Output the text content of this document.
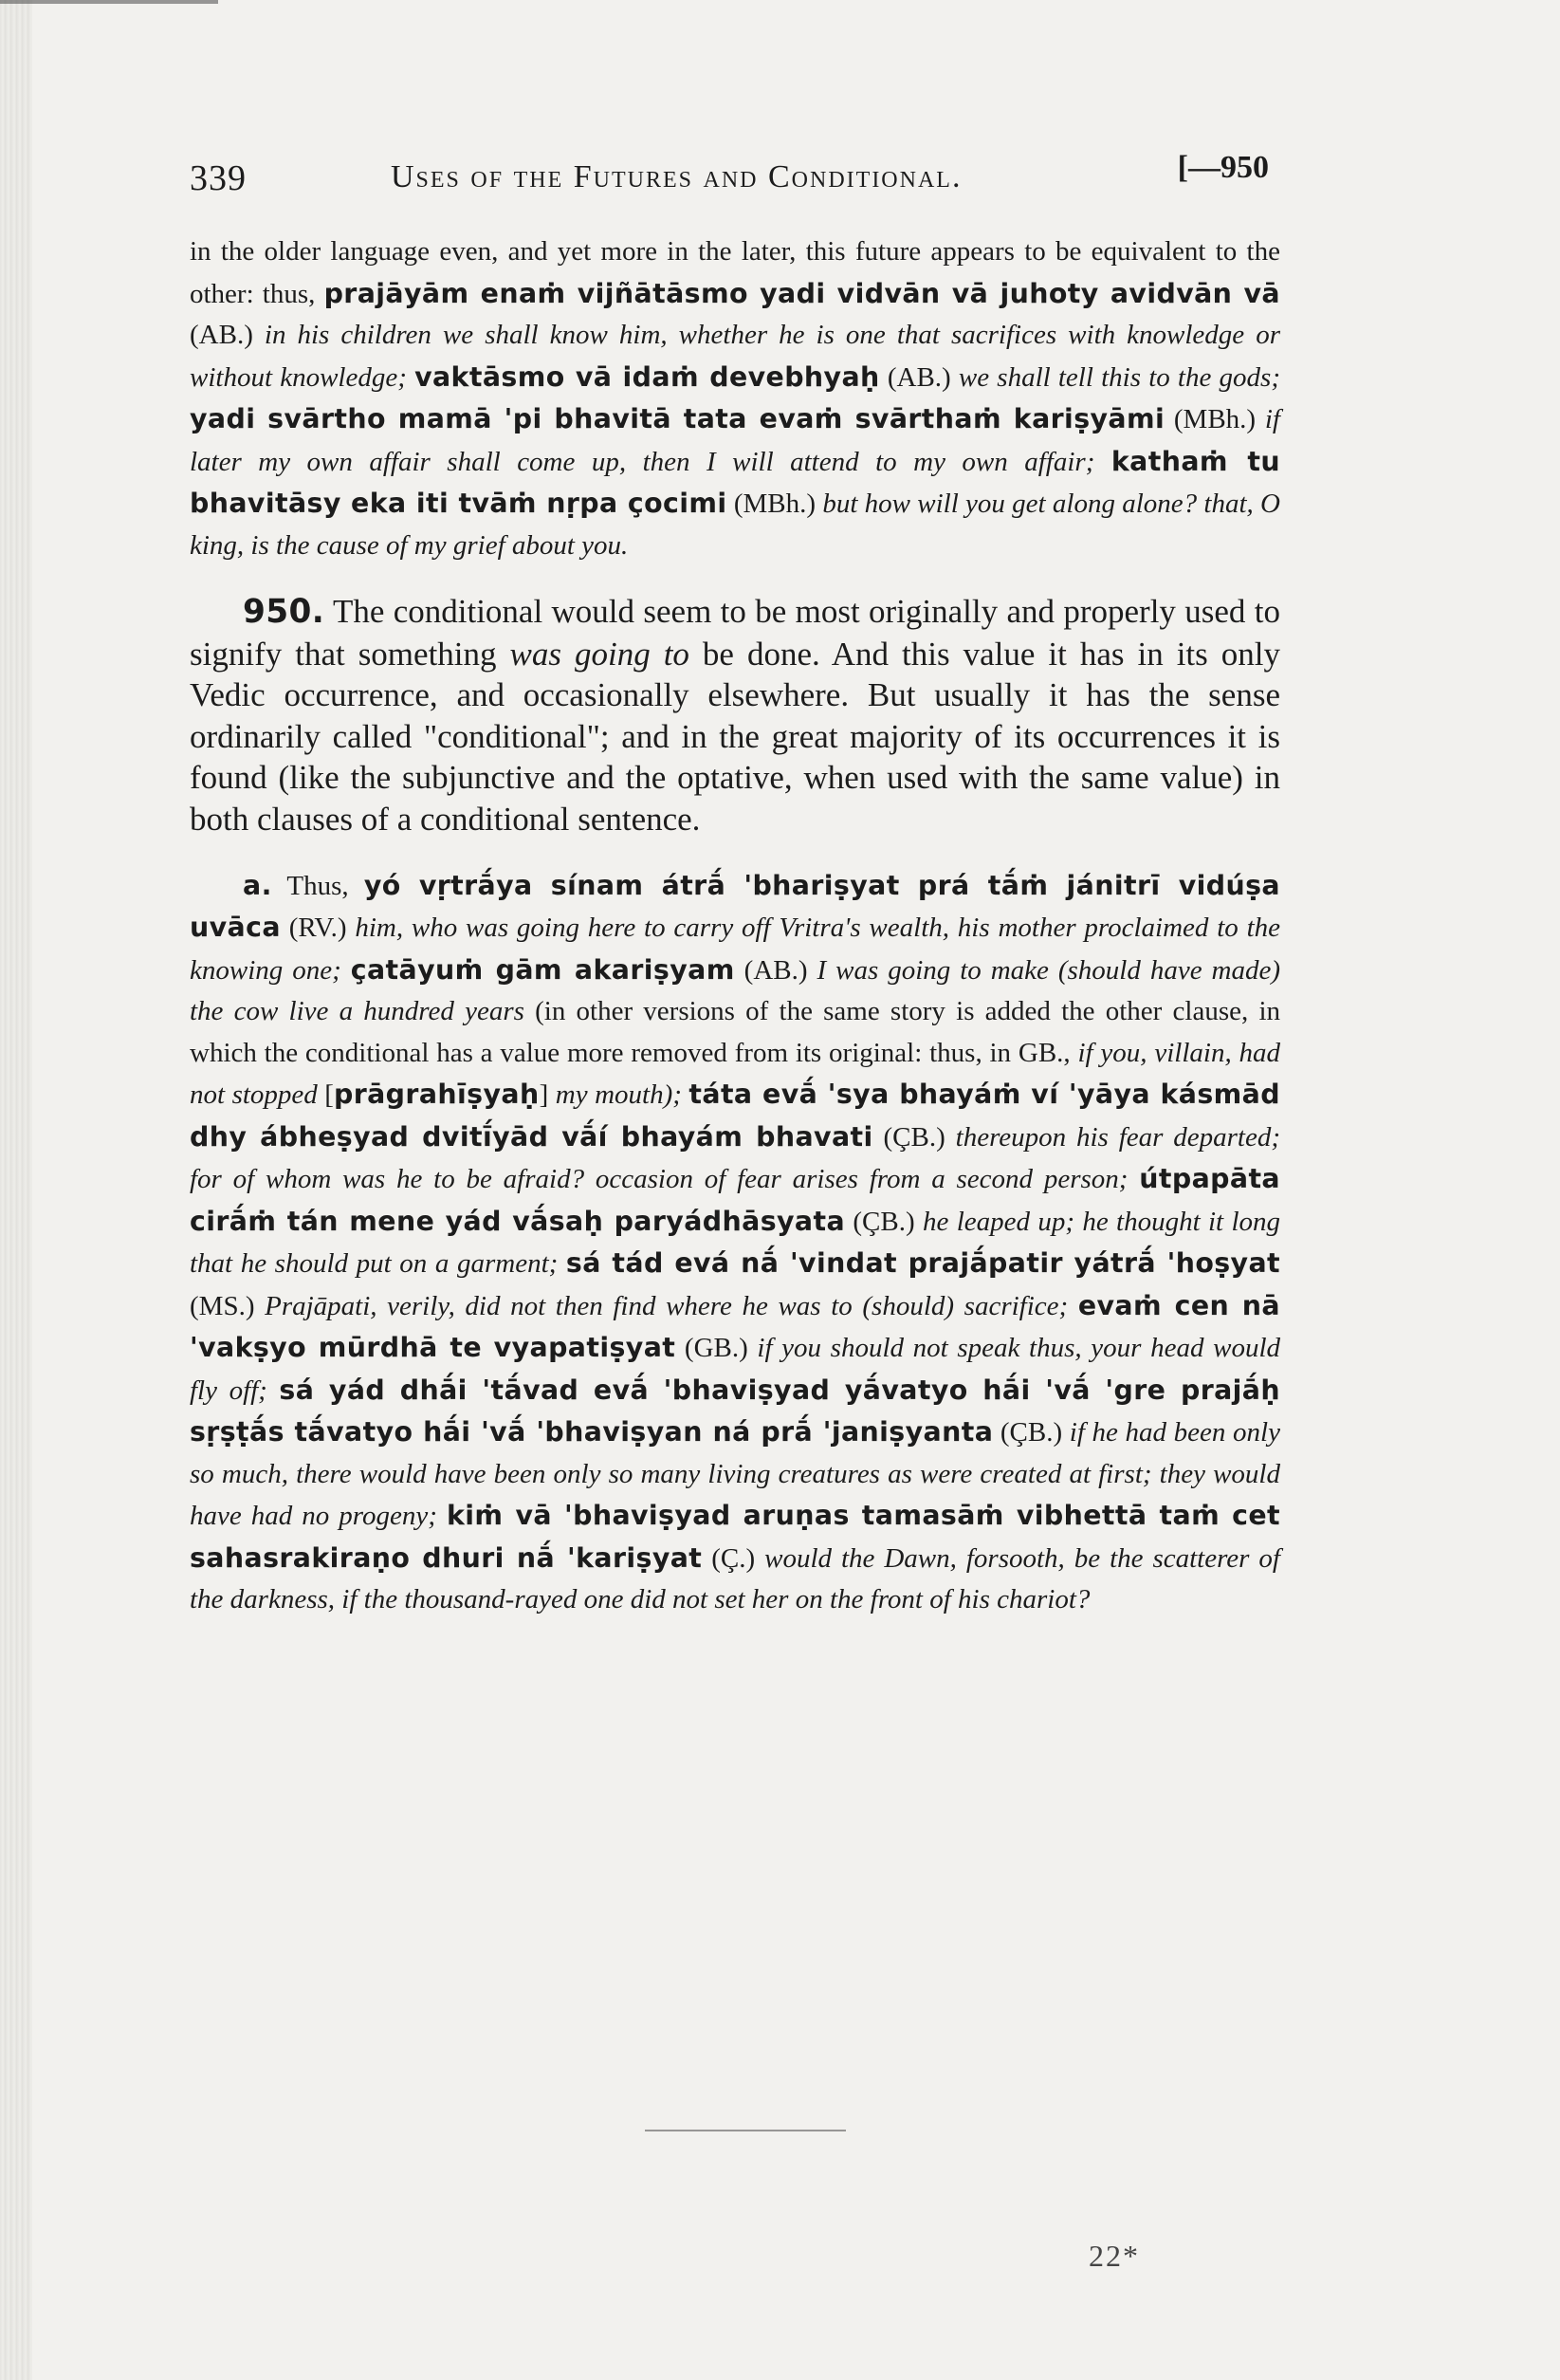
339	Uses of the Futures and Conditional.	[—950

in the older language even, and yet more in the later, this future appears to be equivalent to the other: thus, prajāyām enaṁ vijñātāsmo yadi vidvān vā juhoty avidvān vā (AB.) in his children we shall know him, whether he is one that sacrifices with knowledge or without knowledge; vaktāsmo vā idaṁ devebhyaḥ (AB.) we shall tell this to the gods; yadi svārtho mamā 'pi bhavitā tata evaṁ svārthaṁ kariṣyāmi (MBh.) if later my own affair shall come up, then I will attend to my own affair; kathaṁ tu bhavitāsy eka iti tvāṁ nṛpa çocimi (MBh.) but how will you get along alone? that, O king, is the cause of my grief about you.

950. The conditional would seem to be most originally and properly used to signify that something was going to be done. And this value it has in its only Vedic occurrence, and occasionally elsewhere. But usually it has the sense ordinarily called "conditional"; and in the great majority of its occurrences it is found (like the subjunctive and the optative, when used with the same value) in both clauses of a conditional sentence.

a. Thus, yó vṛtrā́ya sínam átrā́ 'bhariṣyat prá tā́ṁ jánitrī vidúṣa uvāca (RV.) him, who was going here to carry off Vritra's wealth, his mother proclaimed to the knowing one; çatāyuṁ gām akariṣyam (AB.) I was going to make (should have made) the cow live a hundred years (in other versions of the same story is added the other clause, in which the conditional has a value more removed from its original: thus, in GB., if you, villain, had not stopped [prāgrahīṣyaḥ] my mouth); táta evā́ 'sya bhayáṁ ví 'yāya kásmād dhy ábheṣyad dvitī́yād vā́í bhayám bhavati (ÇB.) thereupon his fear departed; for of whom was he to be afraid? occasion of fear arises from a second person; útpapāta cirā́ṁ tán mene yád vā́saḥ paryádhāsyata (ÇB.) he leaped up; he thought it long that he should put on a garment; sá tád evá nā́ 'vindat prajā́patir yátrā́ 'hoṣyat (MS.) Prajāpati, verily, did not then find where he was to (should) sacrifice; evaṁ cen nā 'vakṣyo mūrdhā te vyapatiṣyat (GB.) if you should not speak thus, your head would fly off; sá yád dhā́i 'tā́vad evā́ 'bhaviṣyad yā́vatyo hā́i 'vā́ 'gre prajā́ḥ sṛṣṭā́s tā́vatyo hā́i 'vā́ 'bhaviṣyan ná prā́ 'janiṣyanta (ÇB.) if he had been only so much, there would have been only so many living creatures as were created at first; they would have had no progeny; kiṁ vā 'bhaviṣyad aruṇas tamasāṁ vibhettā taṁ cet sahasrakiraṇo dhuri nā́ 'kariṣyat (Ç.) would the Dawn, forsooth, be the scatterer of the darkness, if the thousand-rayed one did not set her on the front of his chariot?

22*
